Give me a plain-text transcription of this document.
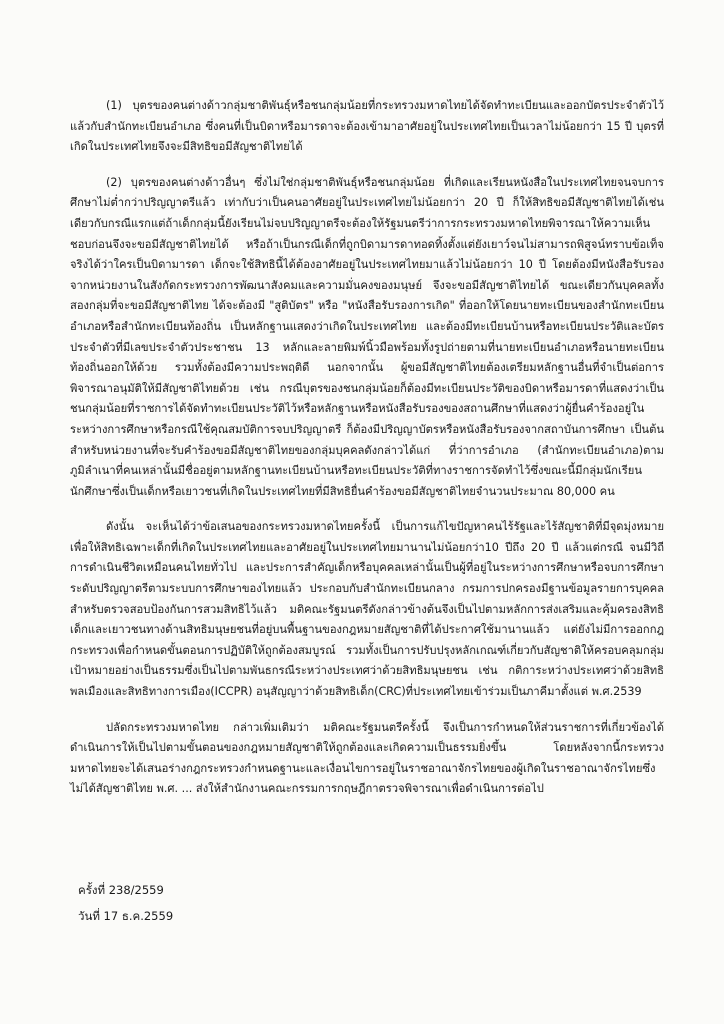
(1) บุตรของคนต่างด้าวกลุ่มชาติพันธุ์หรือชนกลุ่มน้อยที่กระทรวงมหาดไทยได้จัดทำทะเบียนและออกบัตรประจำตัวไว้แล้วกับสำนักทะเบียนอำเภอ ซึ่งคนที่เป็นบิดาหรือมารดาจะต้องเข้ามาอาศัยอยู่ในประเทศไทยเป็นเวลาไม่น้อยกว่า 15 ปี บุตรที่เกิดในประเทศไทยจึงจะมีสิทธิขอมีสัญชาติไทยได้

(2) บุตรของคนต่างด้าวอื่นๆ ซึ่งไม่ใช่กลุ่มชาติพันธุ์หรือชนกลุ่มน้อย ที่เกิดและเรียนหนังสือในประเทศไทยจนจบการศึกษาไม่ต่ำกว่าปริญญาตรีแล้ว เท่ากับว่าเป็นคนอาศัยอยู่ในประเทศไทยไม่น้อยกว่า 20 ปี ก็ให้สิทธิขอมีสัญชาติไทยได้เช่นเดียวกับกรณีแรกแต่ถ้าเด็กกลุ่มนี้ยังเรียนไม่จบปริญญาตรีจะต้องให้รัฐมนตรีว่าการกระทรวงมหาดไทยพิจารณาให้ความเห็นชอบก่อนจึงจะขอมีสัญชาติไทยได้ หรือถ้าเป็นกรณีเด็กที่ถูกบิดามารดาทอดทิ้งตั้งแต่ยังเยาว์จนไม่สามารถพิสูจน์ทราบข้อเท็จจริงได้ว่าใครเป็นบิดามารดา เด็กจะใช้สิทธินี้ได้ต้องอาศัยอยู่ในประเทศไทยมาแล้วไม่น้อยกว่า 10 ปี โดยต้องมีหนังสือรับรองจากหน่วยงานในสังกัดกระทรวงการพัฒนาสังคมและความมั่นคงของมนุษย์ จึงจะขอมีสัญชาติไทยได้ ขณะเดียวกันบุคคลทั้งสองกลุ่มที่จะขอมีสัญชาติไทย ได้จะต้องมี "สูติบัตร" หรือ "หนังสือรับรองการเกิด" ที่ออกให้โดยนายทะเบียนของสำนักทะเบียนอำเภอหรือสำนักทะเบียนท้องถิ่น เป็นหลักฐานแสดงว่าเกิดในประเทศไทย และต้องมีทะเบียนบ้านหรือทะเบียนประวัติและบัตรประจำตัวที่มีเลขประจำตัวประชาชน 13 หลักและลายพิมพ์นิ้วมือพร้อมทั้งรูปถ่ายตามที่นายทะเบียนอำเภอหรือนายทะเบียนท้องถิ่นออกให้ด้วย รวมทั้งต้องมีความประพฤติดี นอกจากนั้น ผู้ขอมีสัญชาติไทยต้องเตรียมหลักฐานอื่นที่จำเป็นต่อการพิจารณาอนุมัติให้มีสัญชาติไทยด้วย เช่น กรณีบุตรของชนกลุ่มน้อยก็ต้องมีทะเบียนประวัติของบิดาหรือมารดาที่แสดงว่าเป็นชนกลุ่มน้อยที่ราชการได้จัดทำทะเบียนประวัติไว้หรือหลักฐานหรือหนังสือรับรองของสถานศึกษาที่แสดงว่าผู้ยื่นคำร้องอยู่ในระหว่างการศึกษาหรือกรณีใช้คุณสมบัติการจบปริญญาตรี ก็ต้องมีปริญญาบัตรหรือหนังสือรับรองจากสถาบันการศึกษา เป็นต้น สำหรับหน่วยงานที่จะรับคำร้องขอมีสัญชาติไทยของกลุ่มบุคคลดังกล่าวได้แก่ ที่ว่าการอำเภอ (สำนักทะเบียนอำเภอ)ตามภูมิลำเนาที่คนเหล่านั้นมีชื่ออยู่ตามหลักฐานทะเบียนบ้านหรือทะเบียนประวัติที่ทางราชการจัดทำไว้ซึ่งขณะนี้มีกลุ่มนักเรียนนักศึกษาซึ่งเป็นเด็กหรือเยาวชนที่เกิดในประเทศไทยที่มีสิทธิยื่นคำร้องขอมีสัญชาติไทยจำนวนประมาณ 80,000 คน

ดังนั้น จะเห็นได้ว่าข้อเสนอของกระทรวงมหาดไทยครั้งนี้ เป็นการแก้ไขปัญหาคนไร้รัฐและไร้สัญชาติที่มีจุดมุ่งหมายเพื่อให้สิทธิเฉพาะเด็กที่เกิดในประเทศไทยและอาศัยอยู่ในประเทศไทยมานานไม่น้อยกว่า10 ปีถึง 20 ปี แล้วแต่กรณี จนมีวิถีการดำเนินชีวิตเหมือนคนไทยทั่วไป และประการสำคัญเด็กหรือบุคคลเหล่านั้นเป็นผู้ที่อยู่ในระหว่างการศึกษาหรือจบการศึกษาระดับปริญญาตรีตามระบบการศึกษาของไทยแล้ว ประกอบกับสำนักทะเบียนกลาง กรมการปกครองมีฐานข้อมูลรายการบุคคลสำหรับตรวจสอบป้องกันการสวมสิทธิไว้แล้ว มติคณะรัฐมนตรีดังกล่าวข้างต้นจึงเป็นไปตามหลักการส่งเสริมและคุ้มครองสิทธิเด็กและเยาวชนทางด้านสิทธิมนุษยชนที่อยู่บนพื้นฐานของกฎหมายสัญชาติที่ได้ประกาศใช้มานานแล้ว แต่ยังไม่มีการออกกฎกระทรวงเพื่อกำหนดขั้นตอนการปฏิบัติให้ถูกต้องสมบูรณ์ รวมทั้งเป็นการปรับปรุงหลักเกณฑ์เกี่ยวกับสัญชาติให้ครอบคลุมกลุ่มเป้าหมายอย่างเป็นธรรมซึ่งเป็นไปตามพันธกรณีระหว่างประเทศว่าด้วยสิทธิมนุษยชน เช่น กติการะหว่างประเทศว่าด้วยสิทธิพลเมืองและสิทธิทางการเมือง(ICCPR) อนุสัญญาว่าด้วยสิทธิเด็ก(CRC)ที่ประเทศไทยเข้าร่วมเป็นภาคีมาตั้งแต่ พ.ศ.2539

ปลัดกระทรวงมหาดไทย กล่าวเพิ่มเติมว่า มติคณะรัฐมนตรีครั้งนี้ จึงเป็นการกำหนดให้ส่วนราชการที่เกี่ยวข้องได้ดำเนินการให้เป็นไปตามขั้นตอนของกฎหมายสัญชาติให้ถูกต้องและเกิดความเป็นธรรมยิ่งขึ้น โดยหลังจากนี้กระทรวงมหาดไทยจะได้เสนอร่างกฎกระทรวงกำหนดฐานะและเงื่อนไขการอยู่ในราชอาณาจักรไทยของผู้เกิดในราชอาณาจักรไทยซึ่งไม่ได้สัญชาติไทย พ.ศ. ... ส่งให้สำนักงานคณะกรรมการกฤษฎีกาตรวจพิจารณาเพื่อดำเนินการต่อไป

ครั้งที่ 238/2559
วันที่ 17 ธ.ค.2559
